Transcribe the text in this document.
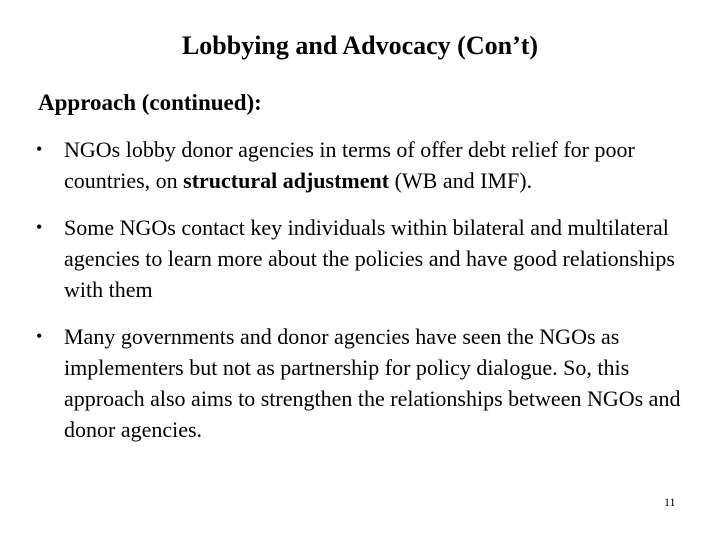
Lobbying and Advocacy (Con’t)
Approach (continued):
• NGOs lobby donor agencies in terms of offer debt relief for poor countries, on structural adjustment (WB and IMF).
• Some NGOs contact key individuals within bilateral and multilateral agencies to learn more about the policies and have good relationships with them
• Many governments and donor agencies have seen the NGOs as implementers but not as partnership for policy dialogue. So, this approach also aims to strengthen the relationships between NGOs and donor agencies.
11
